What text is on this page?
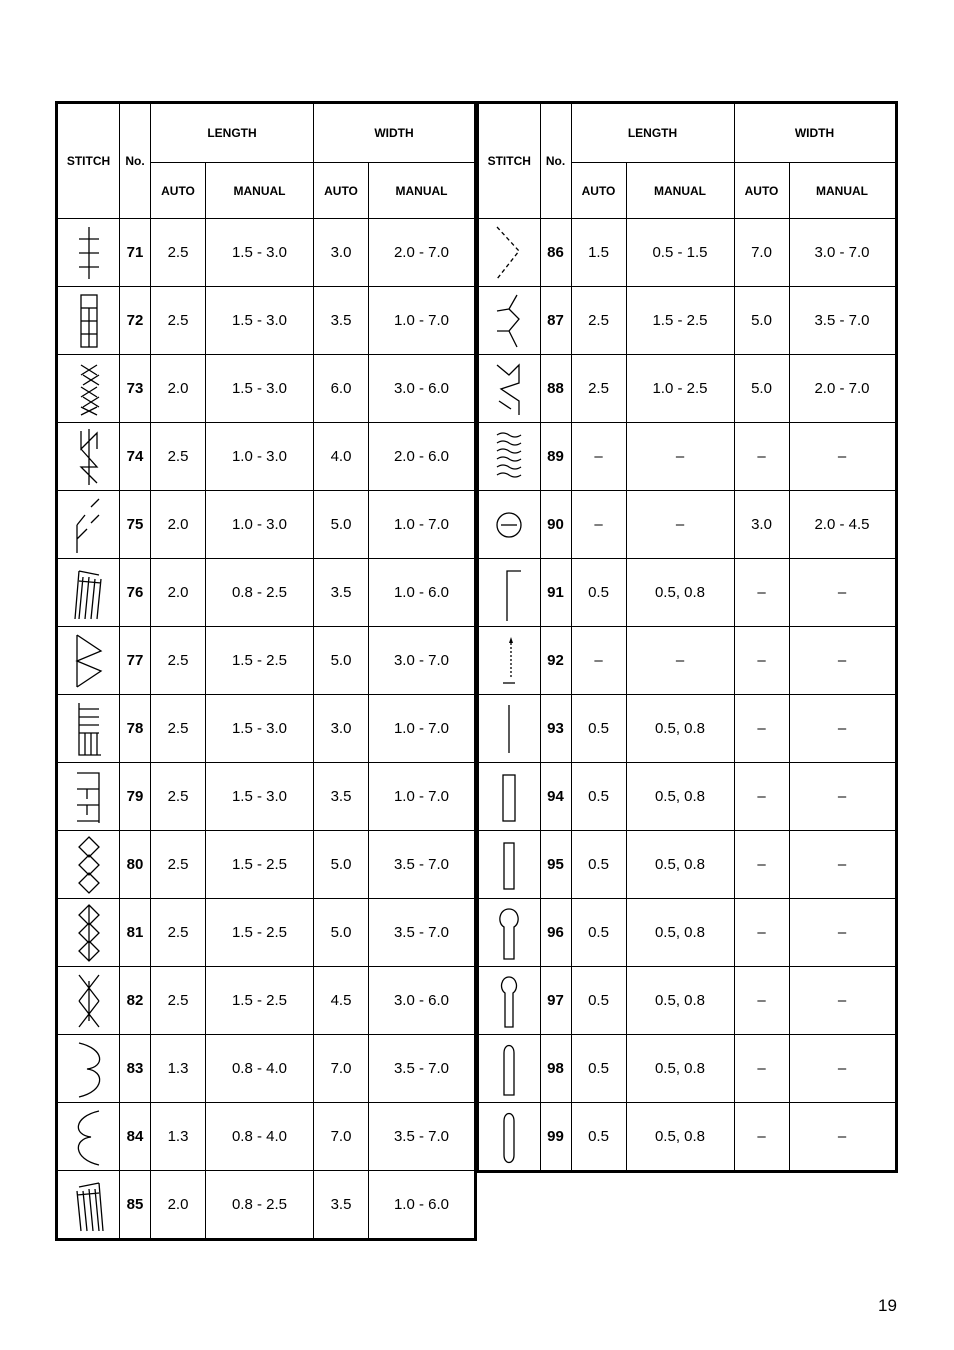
STITCH	No.	LENGTH		WIDTH	
		AUTO	MANUAL	AUTO	MANUAL

	71	2.5	1.5 - 3.0	3.0	2.0 - 7.0

	72	2.5	1.5 - 3.0	3.5	1.0 - 7.0

	73	2.0	1.5 - 3.0	6.0	3.0 - 6.0

	74	2.5	1.0 - 3.0	4.0	2.0 - 6.0

	75	2.0	1.0 - 3.0	5.0	1.0 - 7.0

	76	2.0	0.8 - 2.5	3.5	1.0 - 6.0

	77	2.5	1.5 - 2.5	5.0	3.0 - 7.0

	78	2.5	1.5 - 3.0	3.0	1.0 - 7.0

	79	2.5	1.5 - 3.0	3.5	1.0 - 7.0

	80	2.5	1.5 - 2.5	5.0	3.5 - 7.0

	81	2.5	1.5 - 2.5	5.0	3.5 - 7.0

	82	2.5	1.5 - 2.5	4.5	3.0 - 6.0

	83	1.3	0.8 - 4.0	7.0	3.5 - 7.0

	84	1.3	0.8 - 4.0	7.0	3.5 - 7.0

	85	2.0	0.8 - 2.5	3.5	1.0 - 6.0
STITCH	No.	LENGTH		WIDTH	
		AUTO	MANUAL	AUTO	MANUAL

	86	1.5	0.5 - 1.5	7.0	3.0 - 7.0

	87	2.5	1.5 - 2.5	5.0	3.5 - 7.0

	88	2.5	1.0 - 2.5	5.0	2.0 - 7.0

	89	–	–	–	–

	90	–	–	3.0	2.0 - 4.5

	91	0.5	0.5, 0.8	–	–

	92	–	–	–	–

	93	0.5	0.5, 0.8	–	–

	94	0.5	0.5, 0.8	–	–

	95	0.5	0.5, 0.8	–	–

	96	0.5	0.5, 0.8	–	–

	97	0.5	0.5, 0.8	–	–

	98	0.5	0.5, 0.8	–	–

	99	0.5	0.5, 0.8	–	–
19
